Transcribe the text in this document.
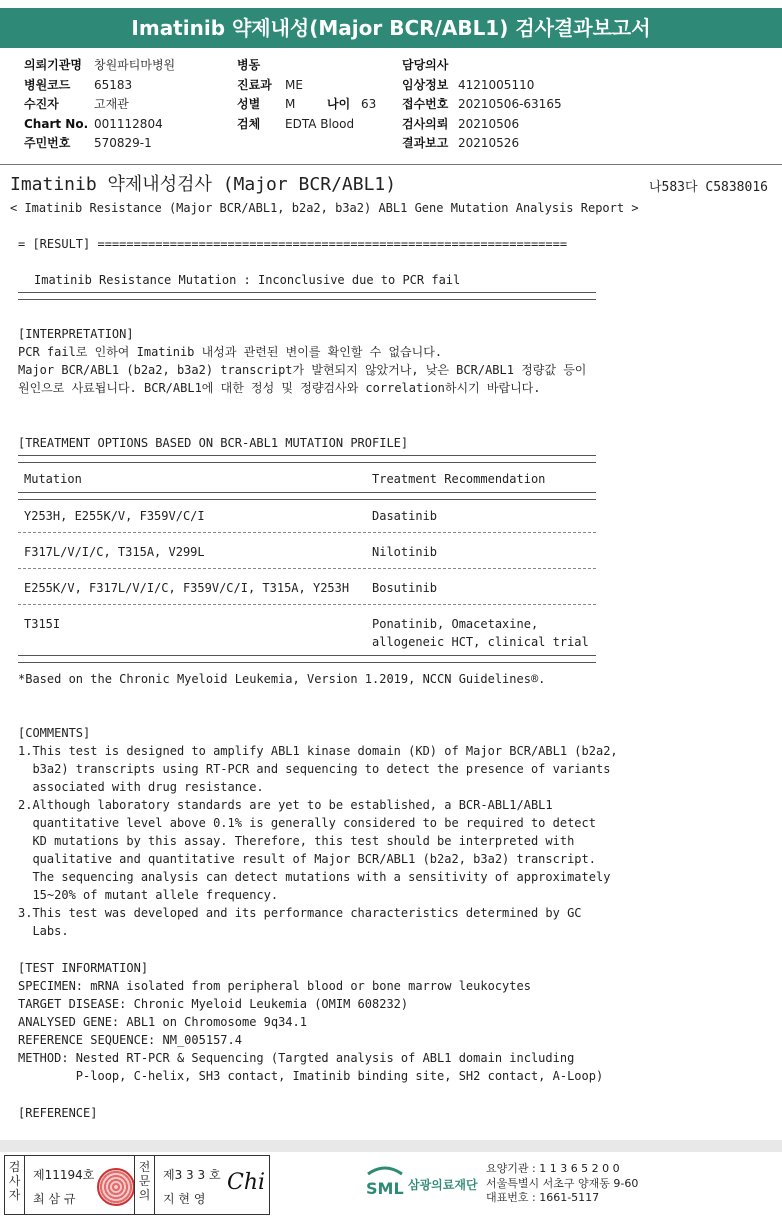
Imatinib 약제내성(Major BCR/ABL1) 검사결과보고서
의뢰기관명 창원파티마병원
병원코드 65183
수진자	고재관
Chart No. 001112804
주민번호 570829-1
병동
진료과 ME
성별 M	나이 63
검체 EDTA Blood
담당의사
임상정보 4121005110
접수번호 20210506-63165
검사의뢰 20210506
결과보고 20210526
Imatinib 약제내성검사 (Major BCR/ABL1)	나583다 C5838016
< Imatinib Resistance (Major BCR/ABL1, b2a2, b3a2) ABL1 Gene Mutation Analysis Report >
= [RESULT] =================================================================
Imatinib Resistance Mutation : Inconclusive due to PCR fail
[INTERPRETATION]
PCR fail로 인하여 Imatinib 내성과 관련된 변이를 확인할 수 없습니다.
Major BCR/ABL1 (b2a2, b3a2) transcript가 발현되지 않았거나, 낮은 BCR/ABL1 정량값 등이
원인으로 사료됩니다. BCR/ABL1에 대한 정성 및 정량검사와 correlation하시기 바랍니다.
[TREATMENT OPTIONS BASED ON BCR-ABL1 MUTATION PROFILE]
Mutation	Treatment Recommendation
Y253H, E255K/V, F359V/C/I	Dasatinib
F317L/V/I/C, T315A, V299L	Nilotinib
E255K/V, F317L/V/I/C, F359V/C/I, T315A, Y253H Bosutinib
T315I	Ponatinib, Omacetaxine,
allogeneic HCT, clinical trial
*Based on the Chronic Myeloid Leukemia, Version 1.2019, NCCN Guidelines®.
[COMMENTS]
1.This test is designed to amplify ABL1 kinase domain (KD) of Major BCR/ABL1 (b2a2,
b3a2) transcripts using RT-PCR and sequencing to detect the presence of variants
associated with drug resistance.
2.Although laboratory standards are yet to be established, a BCR-ABL1/ABL1
quantitative level above 0.1% is generally considered to be required to detect
KD mutations by this assay. Therefore, this test should be interpreted with
qualitative and quantitative result of Major BCR/ABL1 (b2a2, b3a2) transcript.
The sequencing analysis can detect mutations with a sensitivity of approximately
15~20% of mutant allele frequency.
3.This test was developed and its performance characteristics determined by GC
Labs.
[TEST INFORMATION]
SPECIMEN: mRNA isolated from peripheral blood or bone marrow leukocytes
TARGET DISEASE: Chronic Myeloid Leukemia (OMIM 608232)
ANALYSED GENE: ABL1 on Chromosome 9q34.1
REFERENCE SEQUENCE: NM_005157.4
METHOD: Nested RT-PCR & Sequencing (Targted analysis of ABL1 domain including
P-loop, C-helix, SH3 contact, Imatinib binding site, SH2 contact, A-Loop)
[REFERENCE]
검사자
제11194호
최 삼 규
전문의
제3 3 3 호
지 현 영
Chi	SML 삼광의료재단
요양기관 : 1 1 3 6 5 2 0 0
서울특별시 서초구 양재동 9-60
대표번호 : 1661-5117
